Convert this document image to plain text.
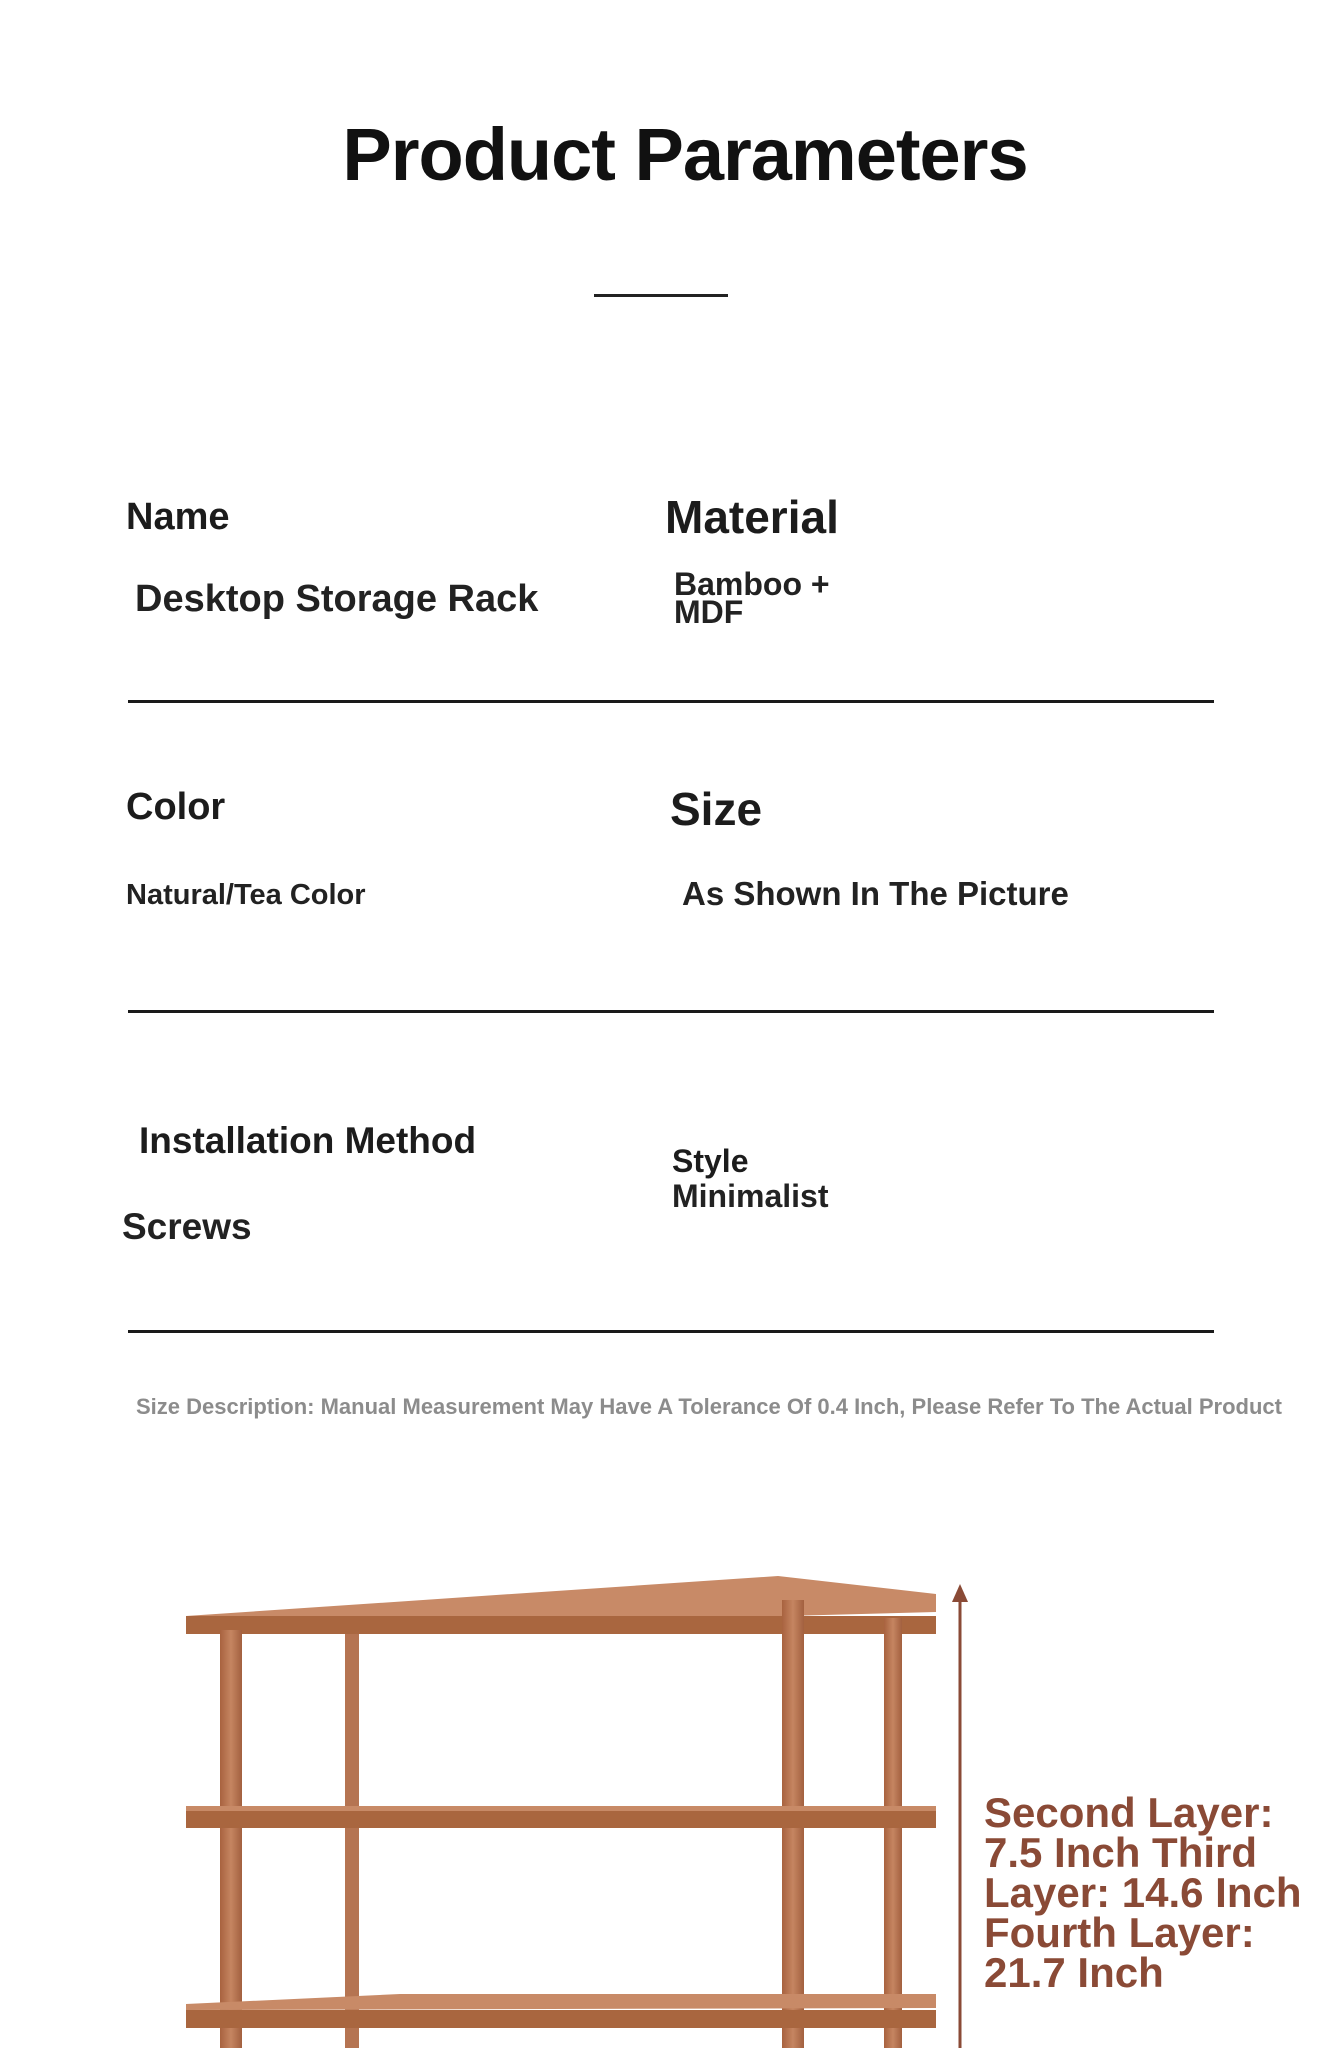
Product Parameters
Name
Desktop Storage Rack
Material
Bamboo +
MDF
Color
Natural/Tea Color
Size
As Shown In The Picture
Installation Method
Screws
Style
Minimalist
Size Description: Manual Measurement May Have A Tolerance Of 0.4 Inch, Please Refer To The Actual Product
Second Layer: 7.5 Inch Third Layer: 14.6 Inch Fourth Layer: 21.7 Inch
